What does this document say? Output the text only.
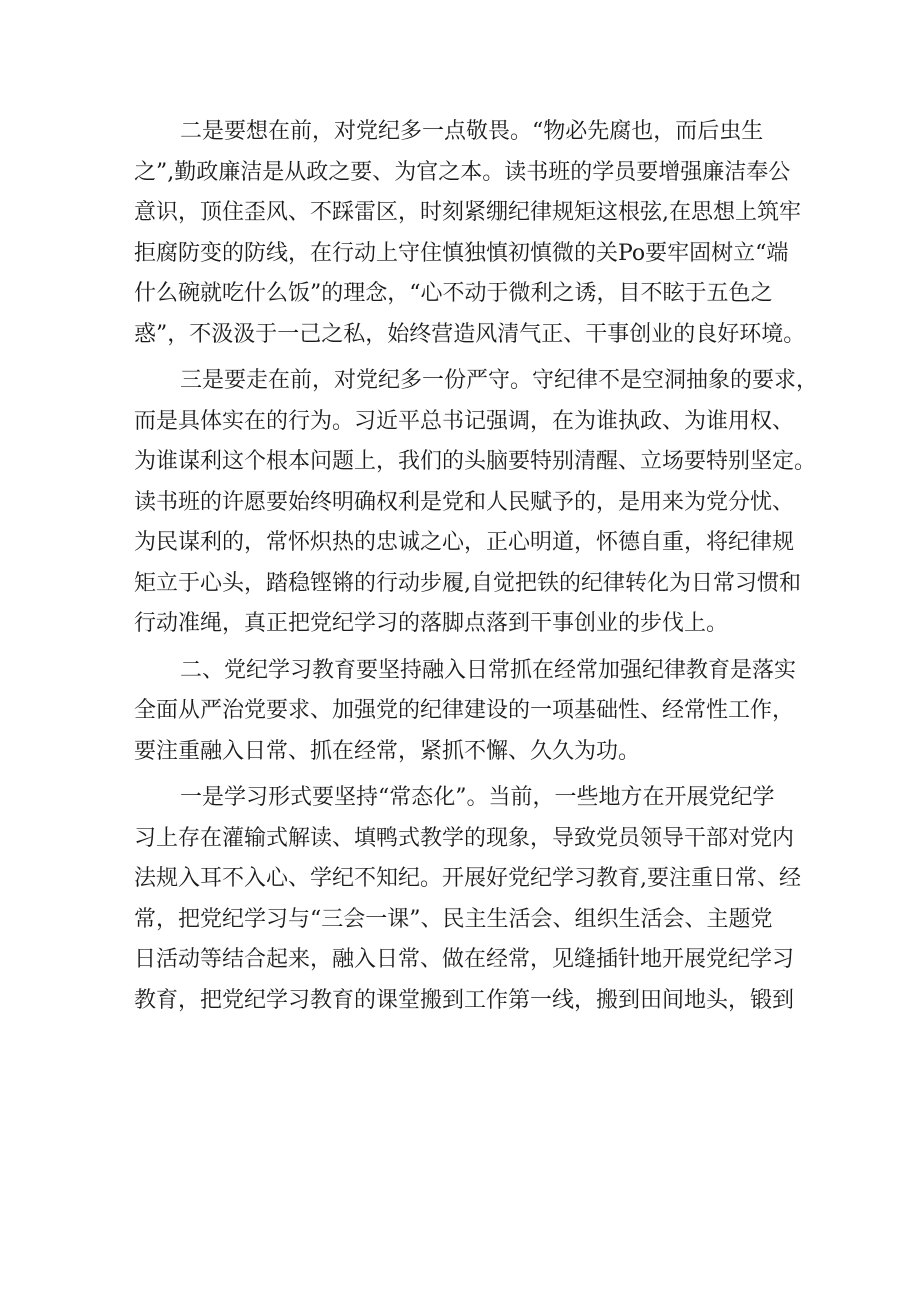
二是要想在前，对党纪多一点敬畏。“物必先腐也，而后虫生
之”,勤政廉洁是从政之要、为官之本。读书班的学员要增强廉洁奉公
意识，顶住歪风、不踩雷区，时刻紧绷纪律规矩这根弦,在思想上筑牢
拒腐防变的防线，在行动上守住慎独慎初慎微的关Po要牢固树立“端
什么碗就吃什么饭”的理念，“心不动于微利之诱，目不眩于五色之
惑”，不汲汲于一己之私，始终营造风清气正、干事创业的良好环境。
三是要走在前，对党纪多一份严守。守纪律不是空洞抽象的要求，
而是具体实在的行为。习近平总书记强调，在为谁执政、为谁用权、
为谁谋利这个根本问题上，我们的头脑要特别清醒、立场要特别坚定。
读书班的许愿要始终明确权利是党和人民赋予的，是用来为党分忧、
为民谋利的，常怀炽热的忠诚之心，正心明道，怀德自重，将纪律规
矩立于心头，踏稳铿锵的行动步履,自觉把铁的纪律转化为日常习惯和
行动准绳，真正把党纪学习的落脚点落到干事创业的步伐上。
二、党纪学习教育要坚持融入日常抓在经常加强纪律教育是落实
全面从严治党要求、加强党的纪律建设的一项基础性、经常性工作，
要注重融入日常、抓在经常，紧抓不懈、久久为功。
一是学习形式要坚持“常态化”。当前，一些地方在开展党纪学
习上存在灌输式解读、填鸭式教学的现象，导致党员领导干部对党内
法规入耳不入心、学纪不知纪。开展好党纪学习教育,要注重日常、经
常，把党纪学习与“三会一课”、民主生活会、组织生活会、主题党
日活动等结合起来，融入日常、做在经常，见缝插针地开展党纪学习
教育，把党纪学习教育的课堂搬到工作第一线，搬到田间地头，锻到
